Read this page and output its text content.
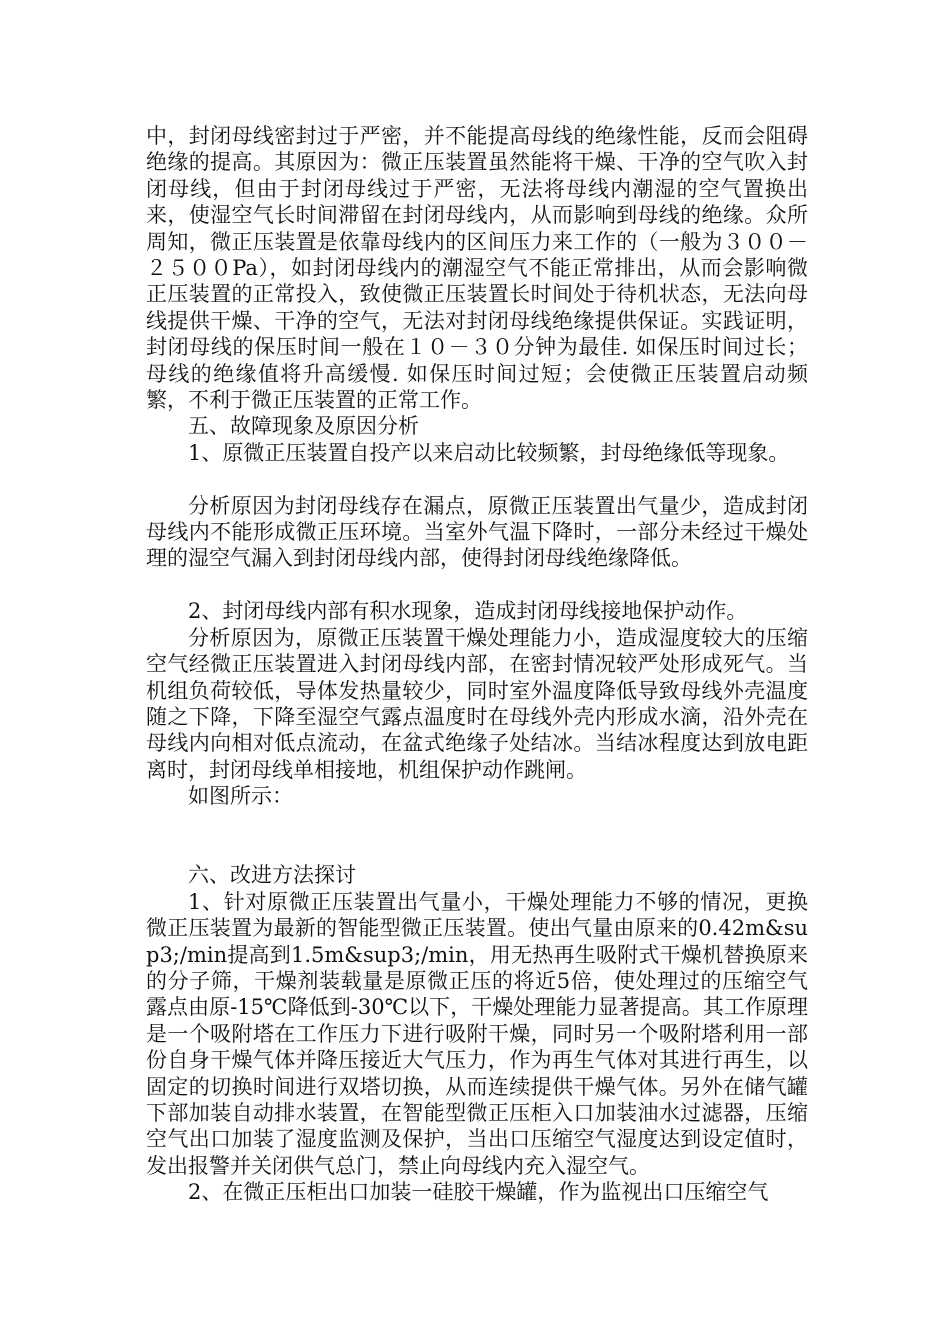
中，封闭母线密封过于严密，并不能提高母线的绝缘性能，反而会阻碍绝缘的提高。其原因为：微正压装置虽然能将干燥、干净的空气吹入封闭母线，但由于封闭母线过于严密，无法将母线内潮湿的空气置换出来，使湿空气长时间滞留在封闭母线内，从而影响到母线的绝缘。众所周知，微正压装置是依靠母线内的区间压力来工作的（一般为３００－２５００Pa），如封闭母线内的潮湿空气不能正常排出，从而会影响微正压装置的正常投入，致使微正压装置长时间处于待机状态，无法向母线提供干燥、干净的空气，无法对封闭母线绝缘提供保证。实践证明，封闭母线的保压时间一般在１０－３０分钟为最佳. 如保压时间过长；母线的绝缘值将升高缓慢. 如保压时间过短；会使微正压装置启动频繁，不利于微正压装置的正常工作。

五、故障现象及原因分析

1、原微正压装置自投产以来启动比较频繁，封母绝缘低等现象。

分析原因为封闭母线存在漏点，原微正压装置出气量少，造成封闭母线内不能形成微正压环境。当室外气温下降时，一部分未经过干燥处理的湿空气漏入到封闭母线内部，使得封闭母线绝缘降低。

2、封闭母线内部有积水现象，造成封闭母线接地保护动作。

分析原因为，原微正压装置干燥处理能力小，造成湿度较大的压缩空气经微正压装置进入封闭母线内部，在密封情况较严处形成死气。当机组负荷较低，导体发热量较少，同时室外温度降低导致母线外壳温度随之下降，下降至湿空气露点温度时在母线外壳内形成水滴，沿外壳在母线内向相对低点流动，在盆式绝缘子处结冰。当结冰程度达到放电距离时，封闭母线单相接地，机组保护动作跳闸。

如图所示：

六、改进方法探讨

1、针对原微正压装置出气量小，干燥处理能力不够的情况，更换微正压装置为最新的智能型微正压装置。使出气量由原来的0.42m&sup3;/min提高到1.5m&sup3;/min，用无热再生吸附式干燥机替换原来的分子筛，干燥剂装载量是原微正压的将近5倍，使处理过的压缩空气露点由原-15℃降低到-30℃以下，干燥处理能力显著提高。其工作原理是一个吸附塔在工作压力下进行吸附干燥，同时另一个吸附塔利用一部份自身干燥气体并降压接近大气压力，作为再生气体对其进行再生，以固定的切换时间进行双塔切换，从而连续提供干燥气体。另外在储气罐下部加装自动排水装置，在智能型微正压柜入口加装油水过滤器，压缩空气出口加装了湿度监测及保护，当出口压缩空气湿度达到设定值时，发出报警并关闭供气总门，禁止向母线内充入湿空气。

2、在微正压柜出口加装一硅胶干燥罐，作为监视出口压缩空气
